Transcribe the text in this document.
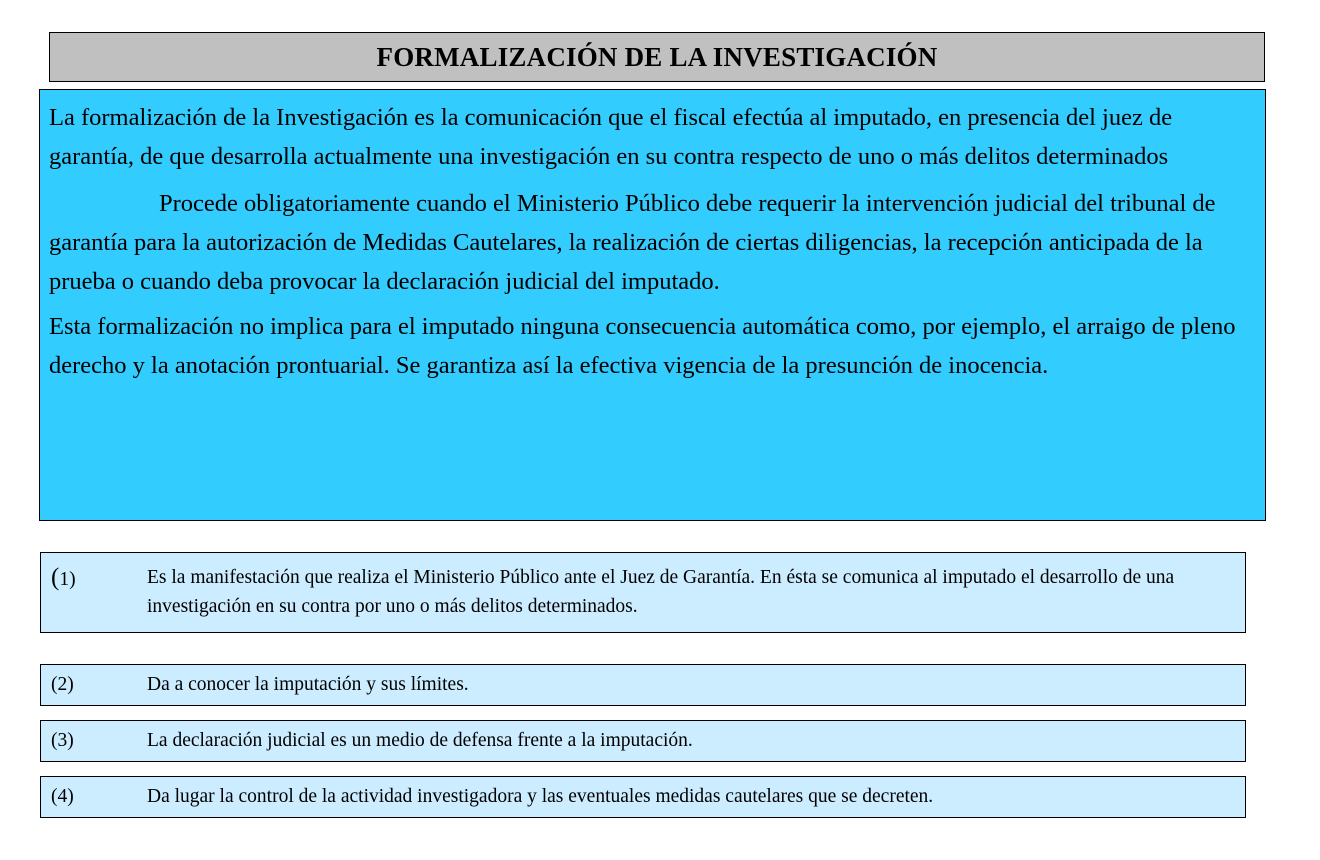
FORMALIZACIÓN DE LA INVESTIGACIÓN

La formalización de la Investigación es la comunicación que el fiscal efectúa al imputado, en presencia del juez de garantía, de que desarrolla actualmente una investigación en su contra respecto de uno o más delitos determinados

Procede obligatoriamente cuando el Ministerio Público debe requerir la intervención judicial del tribunal de garantía para la autorización de Medidas Cautelares, la realización de ciertas diligencias, la recepción anticipada de la prueba o cuando deba provocar la declaración judicial del imputado.

Esta formalización no implica para el imputado ninguna consecuencia automática como, por ejemplo, el arraigo de pleno derecho y la anotación prontuarial. Se garantiza así la efectiva vigencia de la presunción de inocencia.

(1)	Es la manifestación que realiza el Ministerio Público ante el Juez de Garantía. En ésta se comunica al imputado el desarrollo de una investigación en su contra por uno o más delitos determinados.
(2)	Da a conocer la imputación y sus límites.
(3)	La declaración judicial es un medio de defensa frente a la imputación.
(4)	Da lugar la control de la actividad investigadora y las eventuales medidas cautelares que se decreten.
